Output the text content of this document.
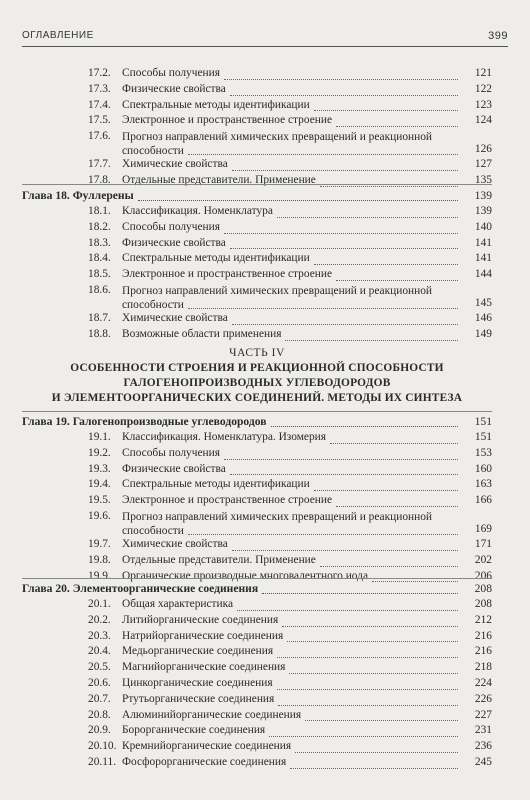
ОГЛАВЛЕНИЕ	399
17.2. Способы получения	121
17.3. Физические свойства	122
17.4. Спектральные методы идентификации	123
17.5. Электронное и пространственное строение	124
17.6. Прогноз направлений химических превращений и реакционной способности	126
17.7. Химические свойства	127
17.8. Отдельные представители. Применение	135
Глава 18. Фуллерены	139
18.1. Классификация. Номенклатура	139
18.2. Способы получения	140
18.3. Физические свойства	141
18.4. Спектральные методы идентификации	141
18.5. Электронное и пространственное строение	144
18.6. Прогноз направлений химических превращений и реакционной способности	145
18.7. Химические свойства	146
18.8. Возможные области применения	149
ЧАСТЬ IV
ОСОБЕННОСТИ СТРОЕНИЯ И РЕАКЦИОННОЙ СПОСОБНОСТИ
ГАЛОГЕНОПРОИЗВОДНЫХ УГЛЕВОДОРОДОВ
И ЭЛЕМЕНТООРГАНИЧЕСКИХ СОЕДИНЕНИЙ. МЕТОДЫ ИХ СИНТЕЗА
Глава 19. Галогенопроизводные углеводородов	151
19.1. Классификация. Номенклатура. Изомерия	151
19.2. Способы получения	153
19.3. Физические свойства	160
19.4. Спектральные методы идентификации	163
19.5. Электронное и пространственное строение	166
19.6. Прогноз направлений химических превращений и реакционной способности	169
19.7. Химические свойства	171
19.8. Отдельные представители. Применение	202
19.9. Органические производные многовалентного иода	206
Глава 20. Элементоорганические соединения	208
20.1. Общая характеристика	208
20.2. Литийорганические соединения	212
20.3. Натрийорганические соединения	216
20.4. Медьорганические соединения	216
20.5. Магнийорганические соединения	218
20.6. Цинкорганические соединения	224
20.7. Ртутьорганические соединения	226
20.8. Алюминийорганические соединения	227
20.9. Борорганические соединения	231
20.10. Кремнийорганические соединения	236
20.11. Фосфорорганические соединения	245
